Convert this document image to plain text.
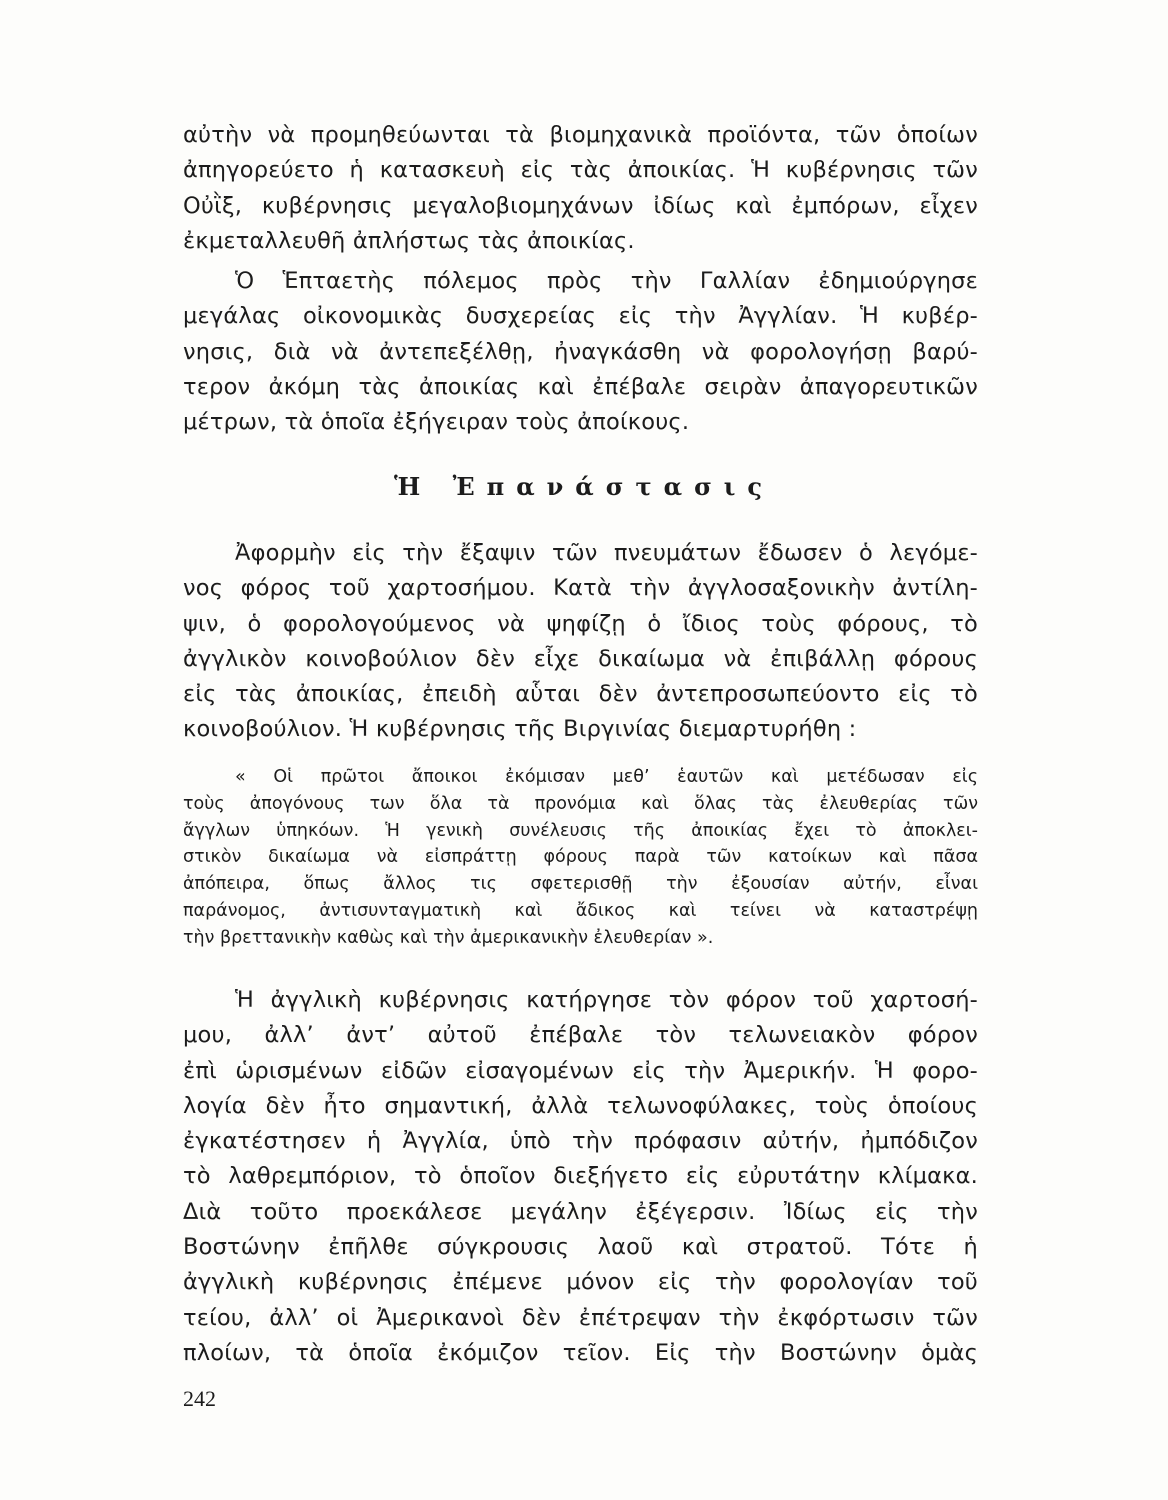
αὐτὴν νὰ προμηθεύωνται τὰ βιομηχανικὰ προϊόντα, τῶν ὁποίων
ἀπηγορεύετο ἡ κατασκευὴ εἰς τὰς ἀποικίας. Ἡ κυβέρνησις τῶν
Οὐῒξ, κυβέρνησις μεγαλοβιομηχάνων ἰδίως καὶ ἐμπόρων, εἶχεν
ἐκμεταλλευθῆ ἀπλήστως τὰς ἀποικίας.
Ὁ Ἑπταετὴς πόλεμος πρὸς τὴν Γαλλίαν ἐδημιούργησε
μεγάλας οἰκονομικὰς δυσχερείας εἰς τὴν Ἀγγλίαν. Ἡ κυβέρ-
νησις, διὰ νὰ ἀντεπεξέλθῃ, ἠναγκάσθη νὰ φορολογήσῃ βαρύ-
τερον ἀκόμη τὰς ἀποικίας καὶ ἐπέβαλε σειρὰν ἀπαγορευτικῶν
μέτρων, τὰ ὁποῖα ἐξήγειραν τοὺς ἀποίκους.
Ἡ Ἐπανάστασις
Ἀφορμὴν εἰς τὴν ἔξαψιν τῶν πνευμάτων ἔδωσεν ὁ λεγόμε-
νος φόρος τοῦ χαρτοσήμου. Κατὰ τὴν ἀγγλοσαξονικὴν ἀντίλη-
ψιν, ὁ φορολογούμενος νὰ ψηφίζῃ ὁ ἴδιος τοὺς φόρους, τὸ
ἀγγλικὸν κοινοβούλιον δὲν εἶχε δικαίωμα νὰ ἐπιβάλλῃ φόρους
εἰς τὰς ἀποικίας, ἐπειδὴ αὗται δὲν ἀντεπροσωπεύοντο εἰς τὸ
κοινοβούλιον. Ἡ κυβέρνησις τῆς Βιργινίας διεμαρτυρήθη :
« Οἱ πρῶτοι ἄποικοι ἐκόμισαν μεθ’ ἑαυτῶν καὶ μετέδωσαν εἰς
τοὺς ἀπογόνους των ὅλα τὰ προνόμια καὶ ὅλας τὰς ἐλευθερίας τῶν
ἄγγλων ὑπηκόων. Ἡ γενικὴ συνέλευσις τῆς ἀποικίας ἔχει τὸ ἀποκλει-
στικὸν δικαίωμα νὰ εἰσπράττῃ φόρους παρὰ τῶν κατοίκων καὶ πᾶσα
ἀπόπειρα, ὅπως ἄλλος τις σφετερισθῇ τὴν ἐξουσίαν αὐτήν, εἶναι
παράνομος, ἀντισυνταγματικὴ καὶ ἄδικος καὶ τείνει νὰ καταστρέψῃ
τὴν βρεττανικὴν καθὼς καὶ τὴν ἀμερικανικὴν ἐλευθερίαν ».
Ἡ ἀγγλικὴ κυβέρνησις κατήργησε τὸν φόρον τοῦ χαρτοσή-
μου, ἀλλ’ ἀντ’ αὐτοῦ ἐπέβαλε τὸν τελωνειακὸν φόρον
ἐπὶ ὡρισμένων εἰδῶν εἰσαγομένων εἰς τὴν Ἀμερικήν. Ἡ φορο-
λογία δὲν ἦτο σημαντική, ἀλλὰ τελωνοφύλακες, τοὺς ὁποίους
ἐγκατέστησεν ἡ Ἀγγλία, ὑπὸ τὴν πρόφασιν αὐτήν, ἠμπόδιζον
τὸ λαθρεμπόριον, τὸ ὁποῖον διεξήγετο εἰς εὐρυτάτην κλίμακα.
Διὰ τοῦτο προεκάλεσε μεγάλην ἐξέγερσιν. Ἰδίως εἰς τὴν
Βοστώνην ἐπῆλθε σύγκρουσις λαοῦ καὶ στρατοῦ. Τότε ἡ
ἀγγλικὴ κυβέρνησις ἐπέμενε μόνον εἰς τὴν φορολογίαν τοῦ
τείου, ἀλλ’ οἱ Ἀμερικανοὶ δὲν ἐπέτρεψαν τὴν ἐκφόρτωσιν τῶν
πλοίων, τὰ ὁποῖα ἐκόμιζον τεῖον. Εἰς τὴν Βοστώνην ὁμὰς
242
